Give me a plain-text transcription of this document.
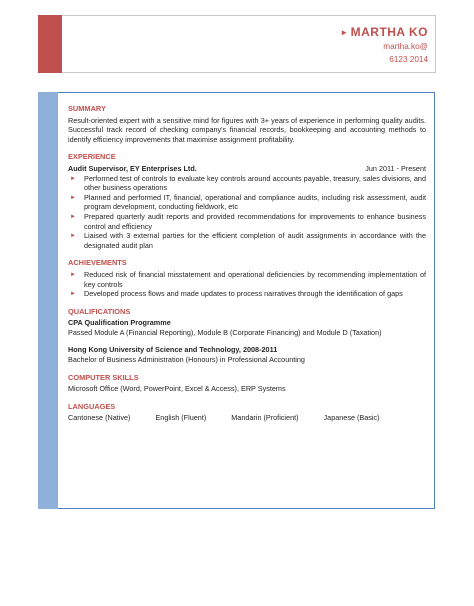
► MARTHA KO
martha.ko@
6123 2014
SUMMARY
Result-oriented expert with a sensitive mind for figures with 3+ years of experience in performing quality audits. Successful track record of checking company's financial records, bookkeeping and accounting methods to identify efficiency improvements that maximise assignment profitability.
EXPERIENCE
Audit Supervisor, EY Enterprises Ltd.	Jun 2011 - Present
► Performed test of controls to evaluate key controls around accounts payable, treasury, sales divisions, and other business operations
► Planned and performed IT, financial, operational and compliance audits, including risk assessment, audit program development, conducting fieldwork, etc
► Prepared quarterly audit reports and provided recommendations for improvements to enhance business control and efficiency
► Liaised with 3 external parties for the efficient completion of audit assignments in accordance with the designated audit plan
ACHIEVEMENTS
► Reduced risk of financial misstatement and operational deficiencies by recommending implementation of key controls
► Developed process flows and made updates to process narratives through the identification of gaps
QUALIFICATIONS
CPA Qualification Programme
Passed Module A (Financial Reporting), Module B (Corporate Financing) and Module D (Taxation)
Hong Kong University of Science and Technology, 2008-2011
Bachelor of Business Administration (Honours) in Professional Accounting
COMPUTER SKILLS
Microsoft Office (Word, PowerPoint, Excel & Access), ERP Systems
LANGUAGES
Cantonese (Native)	English (Fluent)	Mandarin (Proficient)	Japanese (Basic)
